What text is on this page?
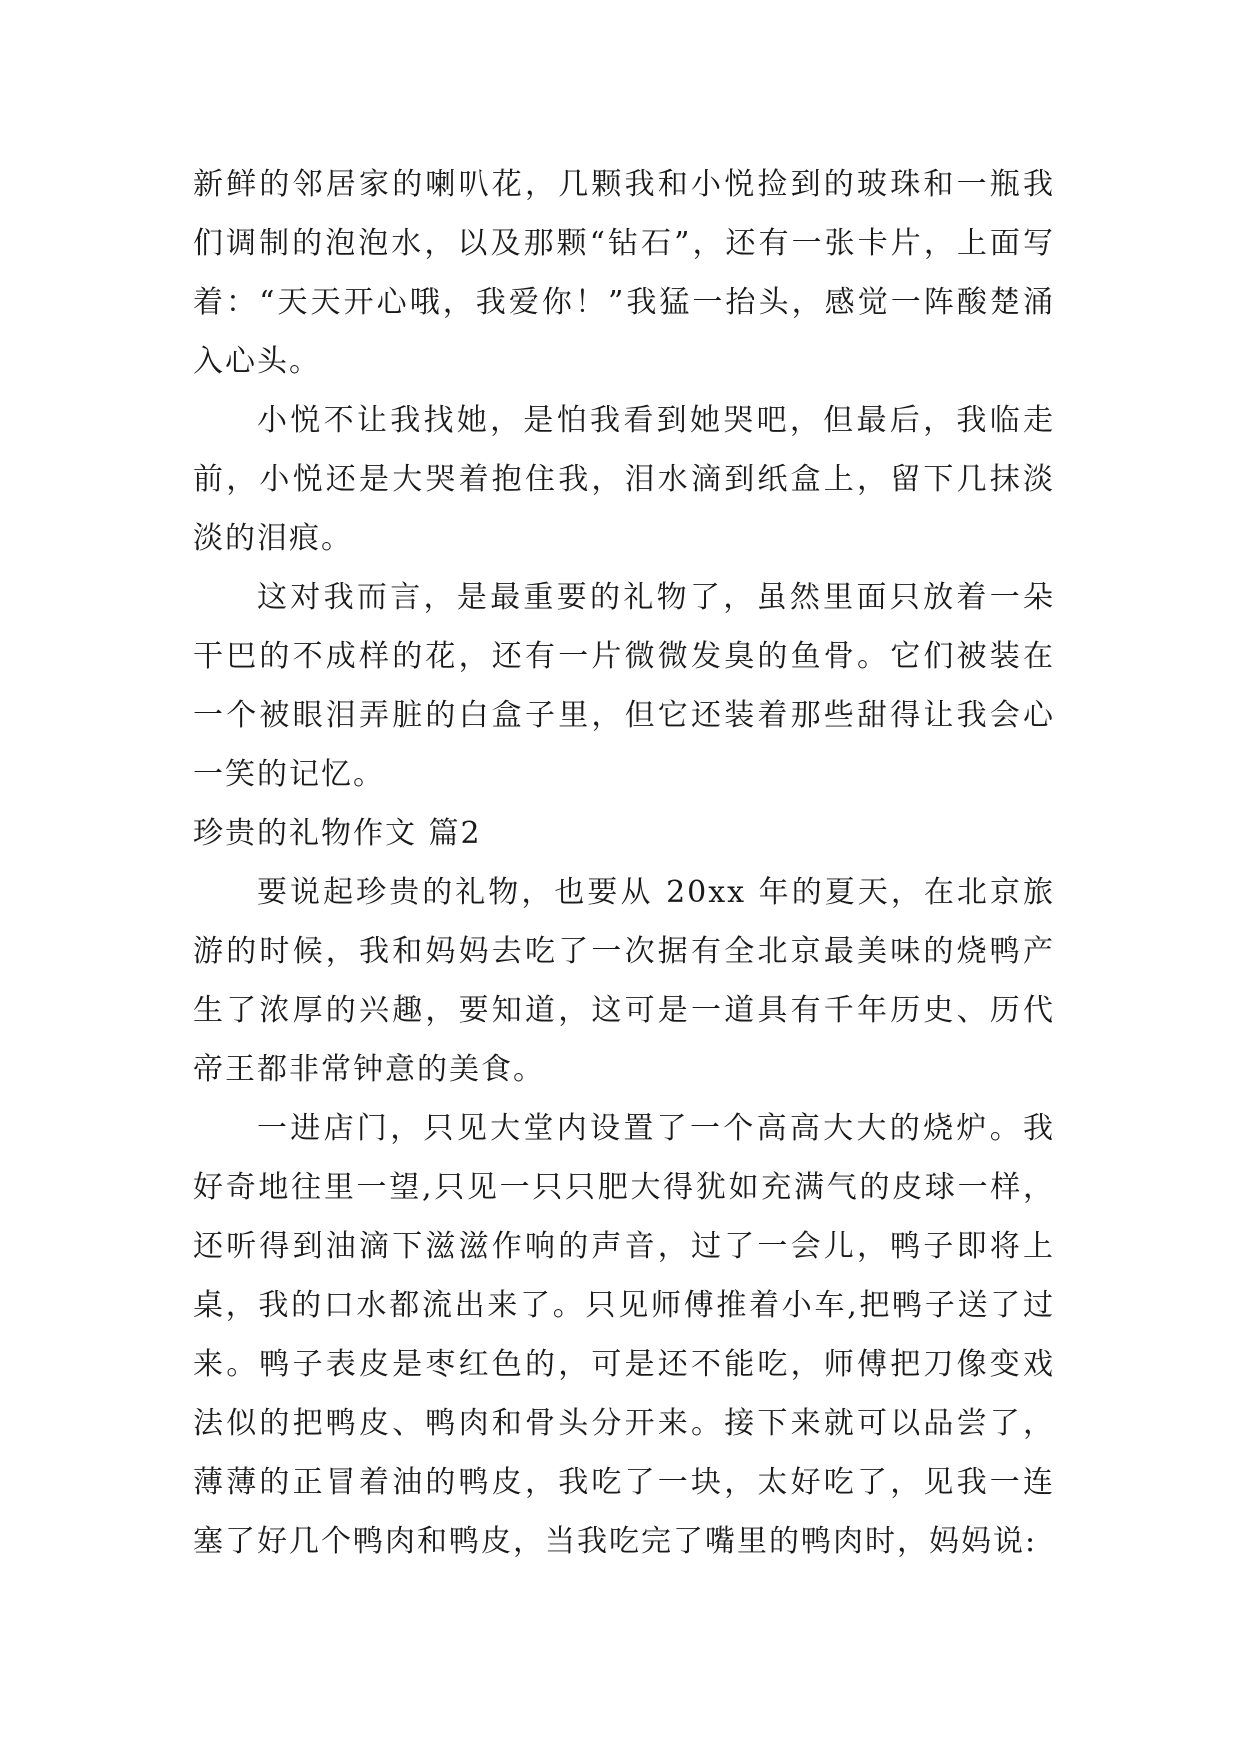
新鲜的邻居家的喇叭花，几颗我和小悦捡到的玻珠和一瓶我们调制的泡泡水，以及那颗“钻石”，还有一张卡片，上面写着：“天天开心哦，我爱你！”我猛一抬头，感觉一阵酸楚涌入心头。

小悦不让我找她，是怕我看到她哭吧，但最后，我临走前，小悦还是大哭着抱住我，泪水滴到纸盒上，留下几抹淡淡的泪痕。

这对我而言，是最重要的礼物了，虽然里面只放着一朵干巴的不成样的花，还有一片微微发臭的鱼骨。它们被装在一个被眼泪弄脏的白盒子里，但它还装着那些甜得让我会心一笑的记忆。

珍贵的礼物作文 篇2

要说起珍贵的礼物，也要从 20xx 年的夏天，在北京旅游的时候，我和妈妈去吃了一次据有全北京最美味的烧鸭产生了浓厚的兴趣，要知道，这可是一道具有千年历史、历代帝王都非常钟意的美食。

一进店门，只见大堂内设置了一个高高大大的烧炉。我好奇地往里一望,只见一只只肥大得犹如充满气的皮球一样，还听得到油滴下滋滋作响的声音，过了一会儿，鸭子即将上桌，我的口水都流出来了。只见师傅推着小车,把鸭子送了过来。鸭子表皮是枣红色的，可是还不能吃，师傅把刀像变戏法似的把鸭皮、鸭肉和骨头分开来。接下来就可以品尝了，薄薄的正冒着油的鸭皮，我吃了一块，太好吃了，见我一连塞了好几个鸭肉和鸭皮，当我吃完了嘴里的鸭肉时，妈妈说:
